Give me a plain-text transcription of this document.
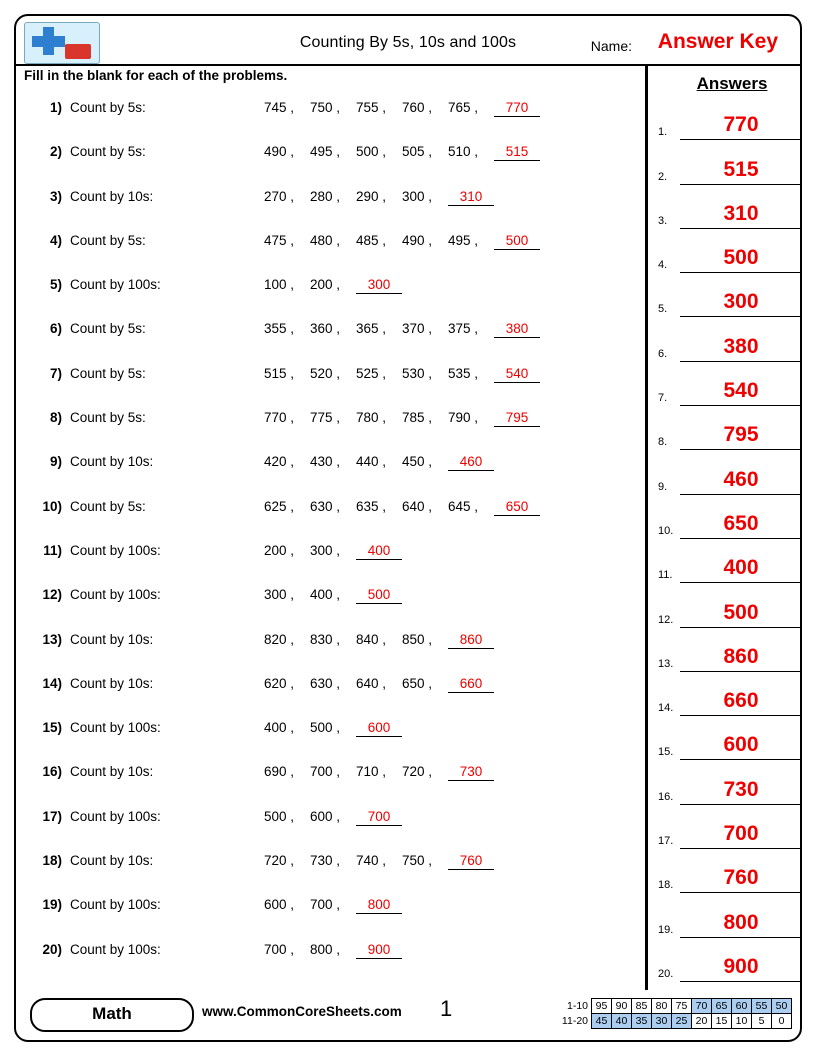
Counting By 5s, 10s and 100s	Name: Answer Key
Fill in the blank for each of the problems.
1) Count by 5s:	745 , 750 , 755 , 760 , 765 , 770
2) Count by 5s:	490 , 495 , 500 , 505 , 510 , 515
3) Count by 10s:	270 , 280 , 290 , 300 , 310
4) Count by 5s:	475 , 480 , 485 , 490 , 495 , 500
5) Count by 100s:	100 , 200 , 300
6) Count by 5s:	355 , 360 , 365 , 370 , 375 , 380
7) Count by 5s:	515 , 520 , 525 , 530 , 535 , 540
8) Count by 5s:	770 , 775 , 780 , 785 , 790 , 795
9) Count by 10s:	420 , 430 , 440 , 450 , 460
10) Count by 5s:	625 , 630 , 635 , 640 , 645 , 650
11) Count by 100s:	200 , 300 , 400
12) Count by 100s:	300 , 400 , 500
13) Count by 10s:	820 , 830 , 840 , 850 , 860
14) Count by 10s:	620 , 630 , 640 , 650 , 660
15) Count by 100s:	400 , 500 , 600
16) Count by 10s:	690 , 700 , 710 , 720 , 730
17) Count by 100s:	500 , 600 , 700
18) Count by 10s:	720 , 730 , 740 , 750 , 760
19) Count by 100s:	600 , 700 , 800
20) Count by 100s:	700 , 800 , 900
Answers
1.	770
2.	515
3.	310
4.	500
5.	300
6.	380
7.	540
8.	795
9.	460
10.	650
11.	400
12.	500
13.	860
14.	660
15.	600
16.	730
17.	700
18.	760
19.	800
20.	900
Math	www.CommonCoreSheets.com 1	1-10	95	90	85	80	75	70	65	60	55	50
11-20	45	40	35	30	25	20	15	10	5	0
